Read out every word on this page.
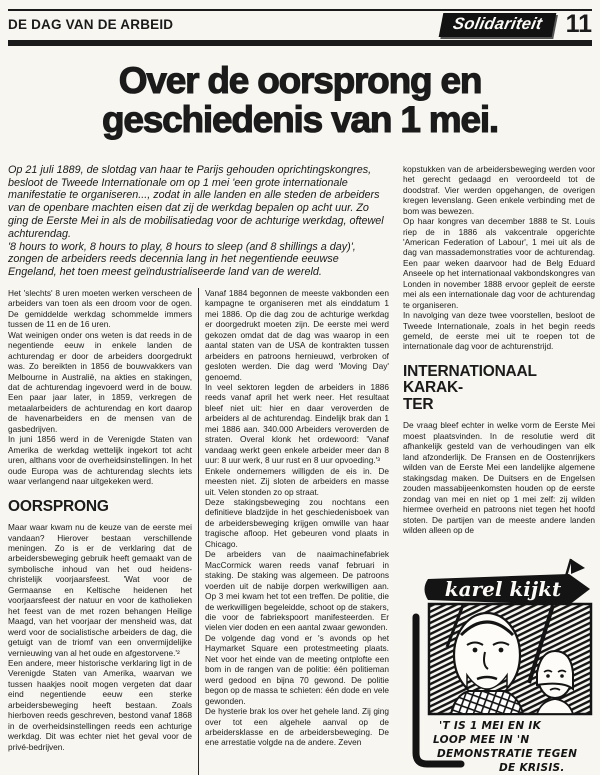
DE DAG VAN DE ARBEID	Solidariteit 11
Over de oorsprong en
geschiedenis van 1 mei.

Op 21 juli 1889, de slotdag van haar te Parijs gehouden oprichtingskongres, besloot de Tweede Internationale om op 1 mei 'een grote internationale manifestatie te organiseren..., zodat in alle landen en alle steden de arbeiders van de openbare machten eisen dat zij de werkdag bepalen op acht uur. Zo ging de Eerste Mei in als de mobilisatiedag voor de achturige werkdag, oftewel achturendag.

'8 hours to work, 8 hours to play, 8 hours to sleep (and 8 shillings a day)', zongen de arbeiders reeds decennia lang in het negentiende eeuwse Engeland, het toen meest geïndustrialiseerde land van de wereld.

Het 'slechts' 8 uren moeten werken verscheen de arbeiders van toen als een droom voor de ogen. De gemiddelde werkdag schommelde immers tussen de 11 en de 16 uren.

Wat weinigen onder ons weten is dat reeds in de negentiende eeuw in enkele landen de achturendag er door de arbeiders doorgedrukt was. Zo bereikten in 1856 de bouwvakkers van Melbourne in Australië, na akties en stakingen, dat de achturendag ingevoerd werd in de bouw. Een paar jaar later, in 1859, verkregen de metaalarbeiders de achturendag en kort daarop de havenarbeiders en de mensen van de gasbedrijven.

In juni 1856 werd in de Verenigde Staten van Amerika de werkdag wettelijk ingekort tot acht uren, althans voor de overheidsinstellingen. In het oude Europa was de achturendag slechts iets waar verlangend naar uitgekeken werd.

OORSPRONG

Maar waar kwam nu de keuze van de eerste mei vandaan? Hierover bestaan verschillende meningen. Zo is er de verklaring dat de arbeidersbeweging gebruik heeft gemaakt van de symbolische inhoud van het oud heidens-christelijk voorjaarsfeest. 'Wat voor de Germaanse en Keltische heidenen het voorjaarsfeest der natuur en voor de katholieken het feest van de met rozen behangen Heilige Maagd, van het voorjaar der mensheid was, dat werd voor de socialistische arbeiders de dag, die getuigt van de triomf van een onvermijdelijke vernieuwing van al het oude en afgestorvene.'²

Een andere, meer historische verklaring ligt in de Verenigde Staten van Amerika, waarvan we tussen haakjes nooit mogen vergeten dat daar eind negentiende eeuw een sterke arbeidersbeweging heeft bestaan. Zoals hierboven reeds geschreven, bestond vanaf 1868 in de overheidsinstellingen reeds een achturige werkdag. Dit was echter niet het geval voor de privé-bedrijven.

Vanaf 1884 begonnen de meeste vakbonden een kampagne te organiseren met als einddatum 1 mei 1886. Op die dag zou de achturige werkdag er doorgedrukt moeten zijn. De eerste mei werd gekozen omdat dat de dag was waarop in een aantal staten van de USA de kontrakten tussen arbeiders en patroons hernieuwd, verbroken of gesloten werden. Die dag werd 'Moving Day' genoemd.

In veel sektoren legden de arbeiders in 1886 reeds vanaf april het werk neer. Het resultaat bleef niet uit: hier en daar veroverden de arbeiders al de achturendag. Eindelijk brak dan 1 mei 1886 aan. 340.000 Arbeiders veroverden de straten. Overal klonk het ordewoord: 'Vanaf vandaag werkt geen enkele arbeider meer dan 8 uur: 8 uur werk, 8 uur rust en 8 uur opvoeding.'³

Enkele ondernemers willigden de eis in. De meesten niet. Zij sloten de arbeiders en masse uit. Velen stonden zo op straat.

Deze stakingsbeweging zou nochtans een definitieve bladzijde in het geschiedenisboek van de arbeidersbeweging krijgen omwille van haar tragische afloop. Het gebeuren vond plaats in Chicago.

De arbeiders van de naaimachinefabriek MacCormick waren reeds vanaf februari in staking. De staking was algemeen. De patroons voerden uit de nabije dorpen werkwilligen aan. Op 3 mei kwam het tot een treffen. De politie, die de werkwilligen begeleidde, schoot op de stakers, die voor de fabriekspoort manifesteerden. Er vielen vier doden en een aantal zwaar gewonden.

De volgende dag vond er 's avonds op het Haymarket Square een protestmeeting plaats. Net voor het einde van de meeting ontplofte een bom in de rangen van de politie: één politieman werd gedood en bijna 70 gewond. De politie begon op de massa te schieten: één dode en vele gewonden.

De hysterie brak los over het gehele land. Zij ging over tot een algehele aanval op de arbeidersklasse en de arbeidersbeweging. De ene arrestatie volgde na de andere. Zeven

kopstukken van de arbeidersbeweging werden voor het gerecht gedaagd en veroordeeld tot de doodstraf. Vier werden opgehangen, de overigen kregen levenslang. Geen enkele verbinding met de bom was bewezen.

Op haar kongres van december 1888 te St. Louis riep de in 1886 als vakcentrale opgerichte 'American Federation of Labour', 1 mei uit als de dag van massademonstraties voor de achturendag. Een paar weken daarvoor had de Belg Eduard Anseele op het internationaal vakbondskongres van Londen in november 1888 ervoor gepleit de eerste mei als een internationale dag voor de achturendag te organiseren.

In navolging van deze twee voorstellen, besloot de Tweede Internationale, zoals in het begin reeds gemeld, de eerste mei uit te roepen tot de internationale dag voor de achturenstrijd.

INTERNATIONAAL KARAK-
TER

De vraag bleef echter in welke vorm de Eerste Mei moest plaatsvinden. In de resolutie werd dit afhankelijk gesteld van de verhoudingen van elk land afzonderlijk. De Fransen en de Oostenrijkers wilden van de Eerste Mei een landelijke algemene stakingsdag maken. De Duitsers en de Engelsen zouden massabijeenkomsten houden op de eerste zondag van mei en niet op 1 mei zelf: zij wilden hiermee overheid en patroons niet tegen het hoofd stoten. De partijen van de meeste andere landen wilden alleen op de

karel kijkt
'T IS 1 MEI EN IK
LOOP MEE IN 'N
DEMONSTRATIE TEGEN
DE KRISIS.
